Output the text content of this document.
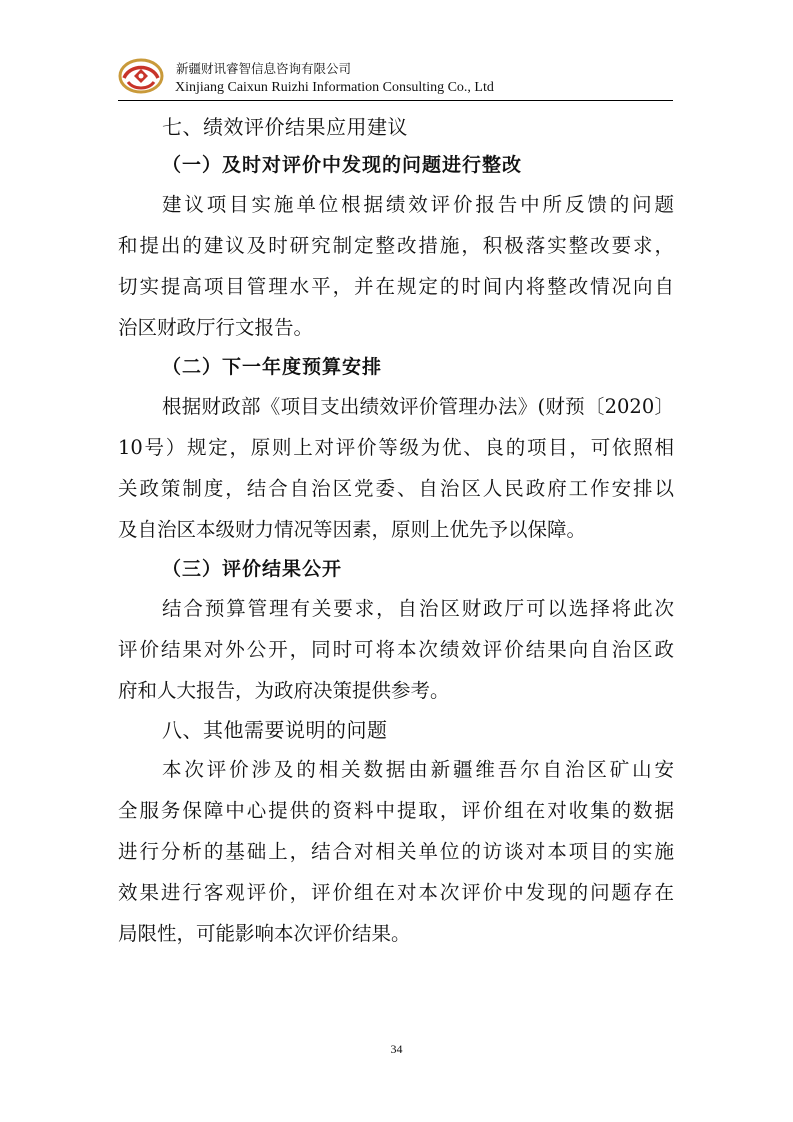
新疆财讯睿智信息咨询有限公司
Xinjiang Caixun Ruizhi Information Consulting Co., Ltd
七、绩效评价结果应用建议
（一）及时对评价中发现的问题进行整改
建议项目实施单位根据绩效评价报告中所反馈的问题
和提出的建议及时研究制定整改措施，积极落实整改要求，
切实提高项目管理水平，并在规定的时间内将整改情况向自
治区财政厅行文报告。
（二）下一年度预算安排
根据财政部《项目支出绩效评价管理办法》(财预〔2020〕
10号）规定，原则上对评价等级为优、良的项目，可依照相
关政策制度，结合自治区党委、自治区人民政府工作安排以
及自治区本级财力情况等因素，原则上优先予以保障。
（三）评价结果公开
结合预算管理有关要求，自治区财政厅可以选择将此次
评价结果对外公开，同时可将本次绩效评价结果向自治区政
府和人大报告，为政府决策提供参考。
八、其他需要说明的问题
本次评价涉及的相关数据由新疆维吾尔自治区矿山安
全服务保障中心提供的资料中提取，评价组在对收集的数据
进行分析的基础上，结合对相关单位的访谈对本项目的实施
效果进行客观评价，评价组在对本次评价中发现的问题存在
局限性，可能影响本次评价结果。
34
